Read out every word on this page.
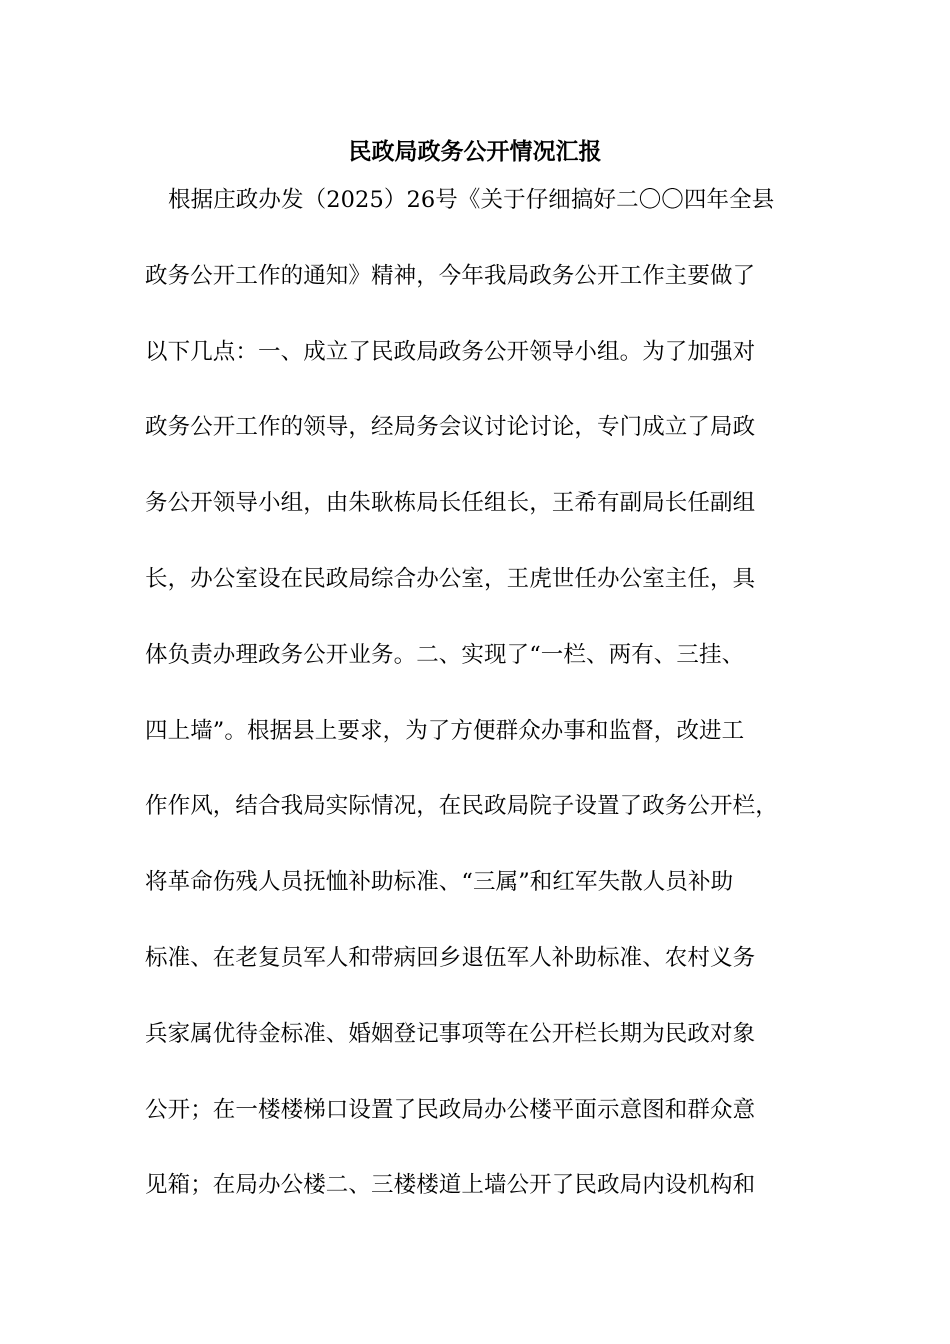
民政局政务公开情况汇报
根据庄政办发（2025）26号《关于仔细搞好二〇〇四年全县
政务公开工作的通知》精神，今年我局政务公开工作主要做了
以下几点：一、成立了民政局政务公开领导小组。为了加强对
政务公开工作的领导，经局务会议讨论讨论，专门成立了局政
务公开领导小组，由朱耿栋局长任组长，王希有副局长任副组
长，办公室设在民政局综合办公室，王虎世任办公室主任，具
体负责办理政务公开业务。二、实现了“一栏、两有、三挂、
四上墙”。根据县上要求，为了方便群众办事和监督，改进工
作作风，结合我局实际情况，在民政局院子设置了政务公开栏，
将革命伤残人员抚恤补助标准、“三属”和红军失散人员补助
标准、在老复员军人和带病回乡退伍军人补助标准、农村义务
兵家属优待金标准、婚姻登记事项等在公开栏长期为民政对象
公开；在一楼楼梯口设置了民政局办公楼平面示意图和群众意
见箱；在局办公楼二、三楼楼道上墙公开了民政局内设机构和
